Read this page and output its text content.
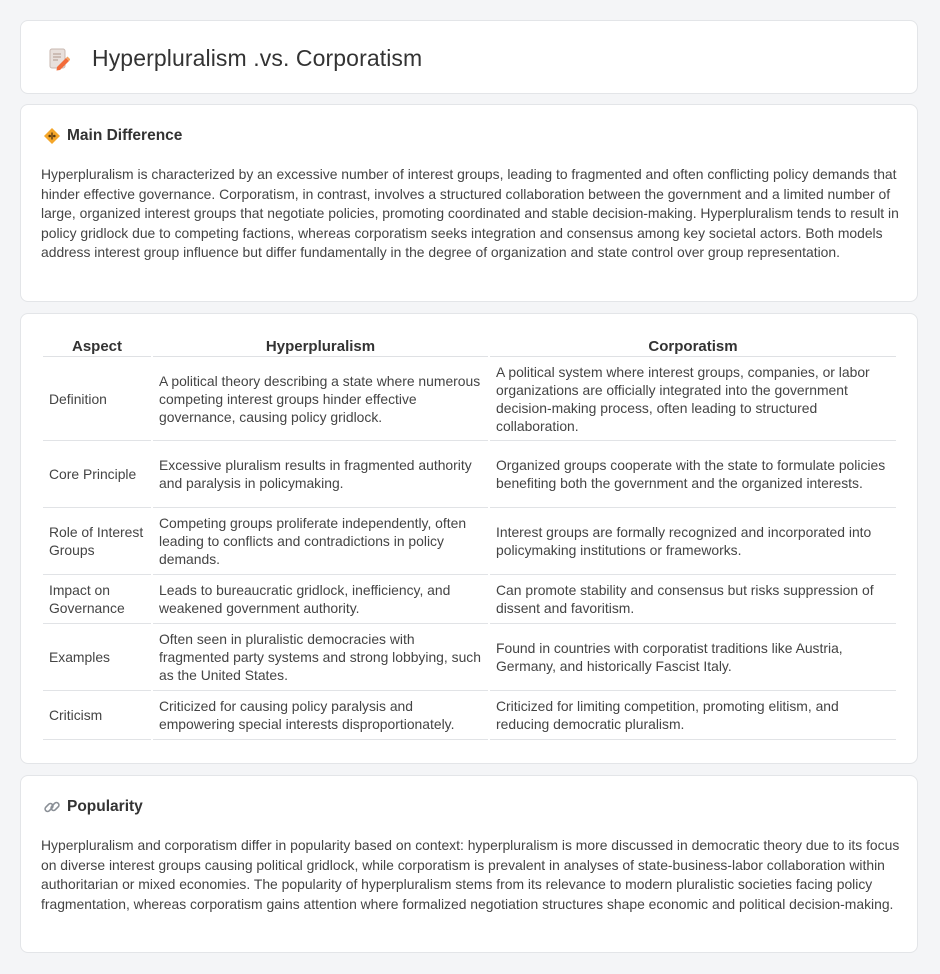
Hyperpluralism .vs. Corporatism
Main Difference

Hyperpluralism is characterized by an excessive number of interest groups, leading to fragmented and often conflicting policy demands that hinder effective governance. Corporatism, in contrast, involves a structured collaboration between the government and a limited number of large, organized interest groups that negotiate policies, promoting coordinated and stable decision-making. Hyperpluralism tends to result in policy gridlock due to competing factions, whereas corporatism seeks integration and consensus among key societal actors. Both models address interest group influence but differ fundamentally in the degree of organization and state control over group representation.

Aspect	Hyperpluralism	Corporatism
Definition	A political theory describing a state where numerous competing interest groups hinder effective governance, causing policy gridlock.	A political system where interest groups, companies, or labor organizations are officially integrated into the government decision-making process, often leading to structured collaboration.
Core Principle	Excessive pluralism results in fragmented authority and paralysis in policymaking.	Organized groups cooperate with the state to formulate policies benefiting both the government and the organized interests.
Role of Interest Groups	Competing groups proliferate independently, often leading to conflicts and contradictions in policy demands.	Interest groups are formally recognized and incorporated into policymaking institutions or frameworks.
Impact on Governance	Leads to bureaucratic gridlock, inefficiency, and weakened government authority.	Can promote stability and consensus but risks suppression of dissent and favoritism.
Examples	Often seen in pluralistic democracies with fragmented party systems and strong lobbying, such as the United States.	Found in countries with corporatist traditions like Austria, Germany, and historically Fascist Italy.
Criticism	Criticized for causing policy paralysis and empowering special interests disproportionately.	Criticized for limiting competition, promoting elitism, and reducing democratic pluralism.
Popularity

Hyperpluralism and corporatism differ in popularity based on context: hyperpluralism is more discussed in democratic theory due to its focus on diverse interest groups causing political gridlock, while corporatism is prevalent in analyses of state-business-labor collaboration within authoritarian or mixed economies. The popularity of hyperpluralism stems from its relevance to modern pluralistic societies facing policy fragmentation, whereas corporatism gains attention where formalized negotiation structures shape economic and political decision-making.
